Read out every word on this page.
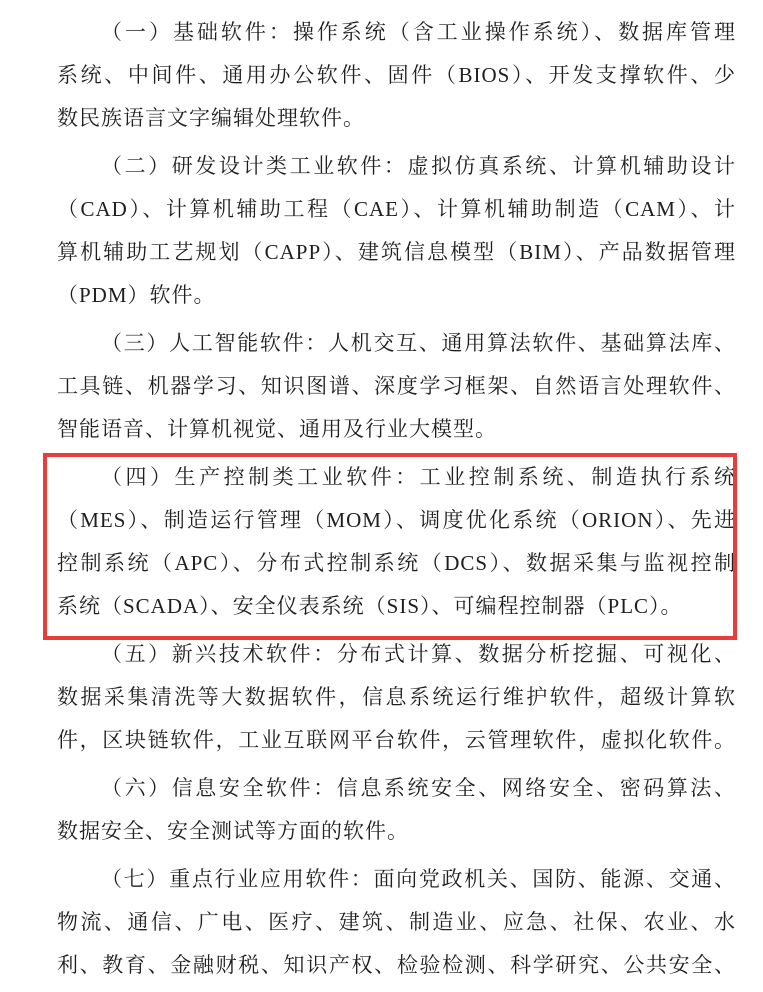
（一）基础软件：操作系统（含工业操作系统）、数据库管理
系统、中间件、通用办公软件、固件（BIOS）、开发支撑软件、少
数民族语言文字编辑处理软件。
（二）研发设计类工业软件：虚拟仿真系统、计算机辅助设计
（CAD）、计算机辅助工程（CAE）、计算机辅助制造（CAM）、计
算机辅助工艺规划（CAPP）、建筑信息模型（BIM）、产品数据管理
（PDM）软件。
（三）人工智能软件：人机交互、通用算法软件、基础算法库、
工具链、机器学习、知识图谱、深度学习框架、自然语言处理软件、
智能语音、计算机视觉、通用及行业大模型。
（四）生产控制类工业软件：工业控制系统、制造执行系统
（MES）、制造运行管理（MOM）、调度优化系统（ORION）、先进
控制系统（APC）、分布式控制系统（DCS）、数据采集与监视控制
系统（SCADA）、安全仪表系统（SIS）、可编程控制器（PLC）。
（五）新兴技术软件：分布式计算、数据分析挖掘、可视化、
数据采集清洗等大数据软件，信息系统运行维护软件，超级计算软
件，区块链软件，工业互联网平台软件，云管理软件，虚拟化软件。
（六）信息安全软件：信息系统安全、网络安全、密码算法、
数据安全、安全测试等方面的软件。
（七）重点行业应用软件：面向党政机关、国防、能源、交通、
物流、通信、广电、医疗、建筑、制造业、应急、社保、农业、水
利、教育、金融财税、知识产权、检验检测、科学研究、公共安全、
